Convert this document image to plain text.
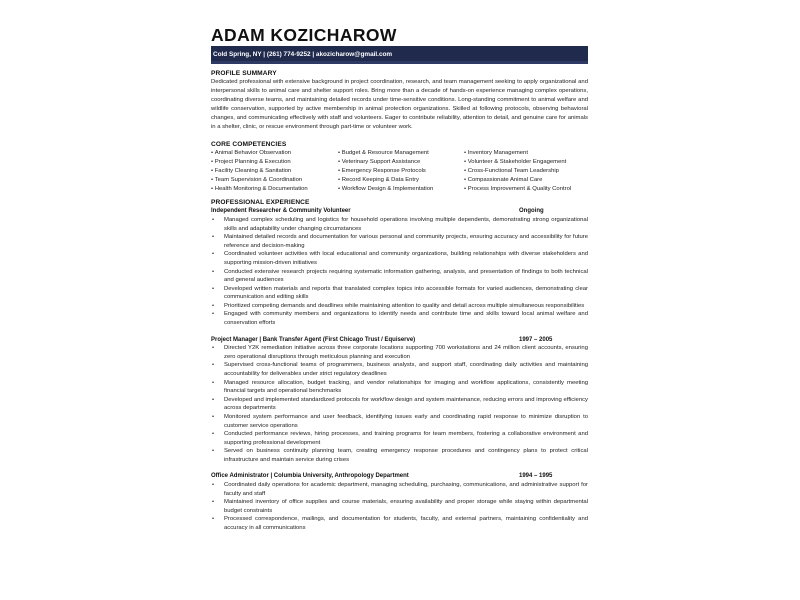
ADAM KOZICHAROW
Cold Spring, NY | (261) 774-9252 | akozicharow@gmail.com
PROFILE SUMMARY

Dedicated professional with extensive background in project coordination, research, and team management seeking to apply organizational and interpersonal skills to animal care and shelter support roles. Bring more than a decade of hands-on experience managing complex operations, coordinating diverse teams, and maintaining detailed records under time-sensitive conditions. Long-standing commitment to animal welfare and wildlife conservation, supported by active membership in animal protection organizations. Skilled at following protocols, observing behavioral changes, and communicating effectively with staff and volunteers. Eager to contribute reliability, attention to detail, and genuine care for animals in a shelter, clinic, or rescue environment through part-time or volunteer work.

CORE COMPETENCIES
• Animal Behavior Observation	• Budget & Resource Management	• Inventory Management
• Project Planning & Execution	• Veterinary Support Assistance	• Volunteer & Stakeholder Engagement
• Facility Cleaning & Sanitation	• Emergency Response Protocols	• Cross-Functional Team Leadership
• Team Supervision & Coordination	• Record Keeping & Data Entry	• Compassionate Animal Care
• Health Monitoring & Documentation	• Workflow Design & Implementation	• Process Improvement & Quality Control
PROFESSIONAL EXPERIENCE
Independent Researcher & Community Volunteer	Ongoing
• Managed complex scheduling and logistics for household operations involving multiple dependents, demonstrating strong organizational skills and adaptability under changing circumstances
• Maintained detailed records and documentation for various personal and community projects, ensuring accuracy and accessibility for future reference and decision-making
• Coordinated volunteer activities with local educational and community organizations, building relationships with diverse stakeholders and supporting mission-driven initiatives
• Conducted extensive research projects requiring systematic information gathering, analysis, and presentation of findings to both technical and general audiences
• Developed written materials and reports that translated complex topics into accessible formats for varied audiences, demonstrating clear communication and editing skills
• Prioritized competing demands and deadlines while maintaining attention to quality and detail across multiple simultaneous responsibilities
• Engaged with community members and organizations to identify needs and contribute time and skills toward local animal welfare and conservation efforts
Project Manager | Bank Transfer Agent (First Chicago Trust / Equiserve)	1997 – 2005
• Directed Y2K remediation initiative across three corporate locations supporting 700 workstations and 24 million client accounts, ensuring zero operational disruptions through meticulous planning and execution
• Supervised cross-functional teams of programmers, business analysts, and support staff, coordinating daily activities and maintaining accountability for deliverables under strict regulatory deadlines
• Managed resource allocation, budget tracking, and vendor relationships for imaging and workflow applications, consistently meeting financial targets and operational benchmarks
• Developed and implemented standardized protocols for workflow design and system maintenance, reducing errors and improving efficiency across departments
• Monitored system performance and user feedback, identifying issues early and coordinating rapid response to minimize disruption to customer service operations
• Conducted performance reviews, hiring processes, and training programs for team members, fostering a collaborative environment and supporting professional development
• Served on business continuity planning team, creating emergency response procedures and contingency plans to protect critical infrastructure and maintain service during crises
Office Administrator | Columbia University, Anthropology Department	1994 – 1995
• Coordinated daily operations for academic department, managing scheduling, purchasing, communications, and administrative support for faculty and staff
• Maintained inventory of office supplies and course materials, ensuring availability and proper storage while staying within departmental budget constraints
• Processed correspondence, mailings, and documentation for students, faculty, and external partners, maintaining confidentiality and accuracy in all communications
